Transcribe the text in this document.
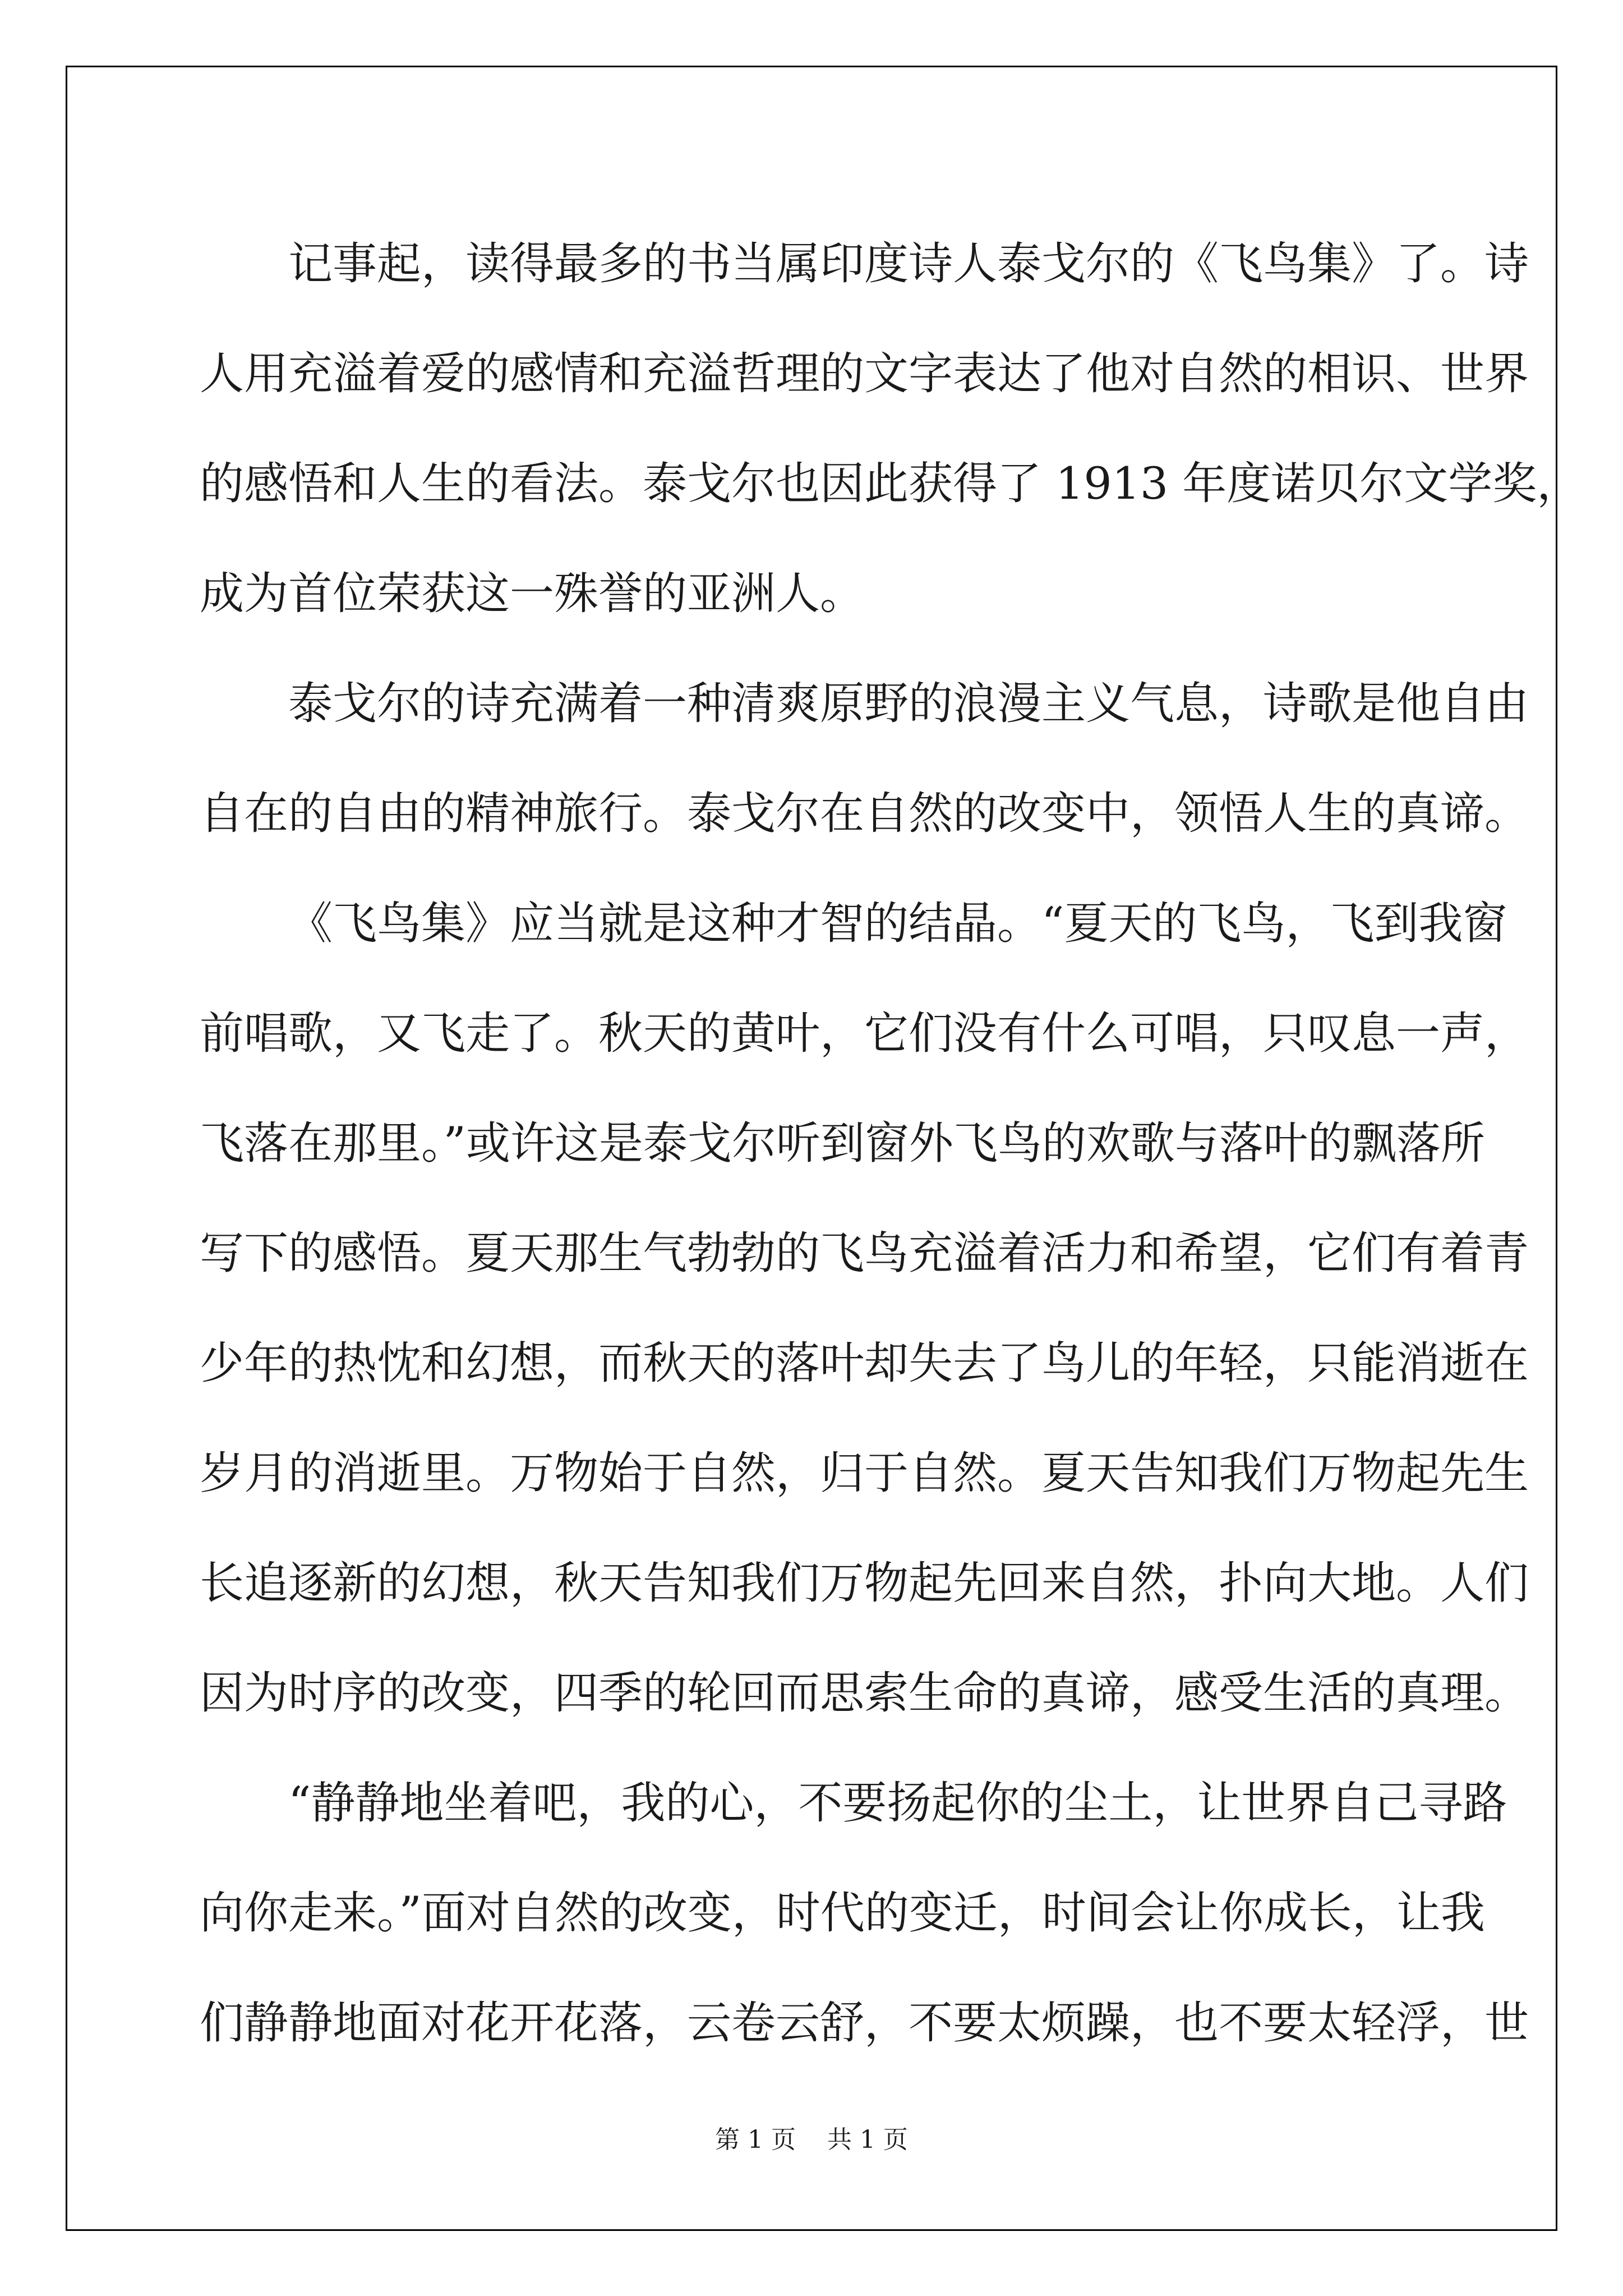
记事起，读得最多的书当属印度诗人泰戈尔的《飞鸟集》了。诗
人用充溢着爱的感情和充溢哲理的文字表达了他对自然的相识、世界
的感悟和人生的看法。泰戈尔也因此获得了 1913 年度诺贝尔文学奖，
成为首位荣获这一殊誉的亚洲人。
泰戈尔的诗充满着一种清爽原野的浪漫主义气息，诗歌是他自由
自在的自由的精神旅行。泰戈尔在自然的改变中，领悟人生的真谛。
《飞鸟集》应当就是这种才智的结晶。“夏天的飞鸟，飞到我窗
前唱歌，又飞走了。秋天的黄叶，它们没有什么可唱，只叹息一声，
飞落在那里。”或许这是泰戈尔听到窗外飞鸟的欢歌与落叶的飘落所
写下的感悟。夏天那生气勃勃的飞鸟充溢着活力和希望，它们有着青
少年的热忱和幻想，而秋天的落叶却失去了鸟儿的年轻，只能消逝在
岁月的消逝里。万物始于自然，归于自然。夏天告知我们万物起先生
长追逐新的幻想，秋天告知我们万物起先回来自然，扑向大地。人们
因为时序的改变，四季的轮回而思索生命的真谛，感受生活的真理。
“静静地坐着吧，我的心，不要扬起你的尘土，让世界自己寻路
向你走来。”面对自然的改变，时代的变迁，时间会让你成长，让我
们静静地面对花开花落，云卷云舒，不要太烦躁，也不要太轻浮，世
第 1 页    共 1 页
